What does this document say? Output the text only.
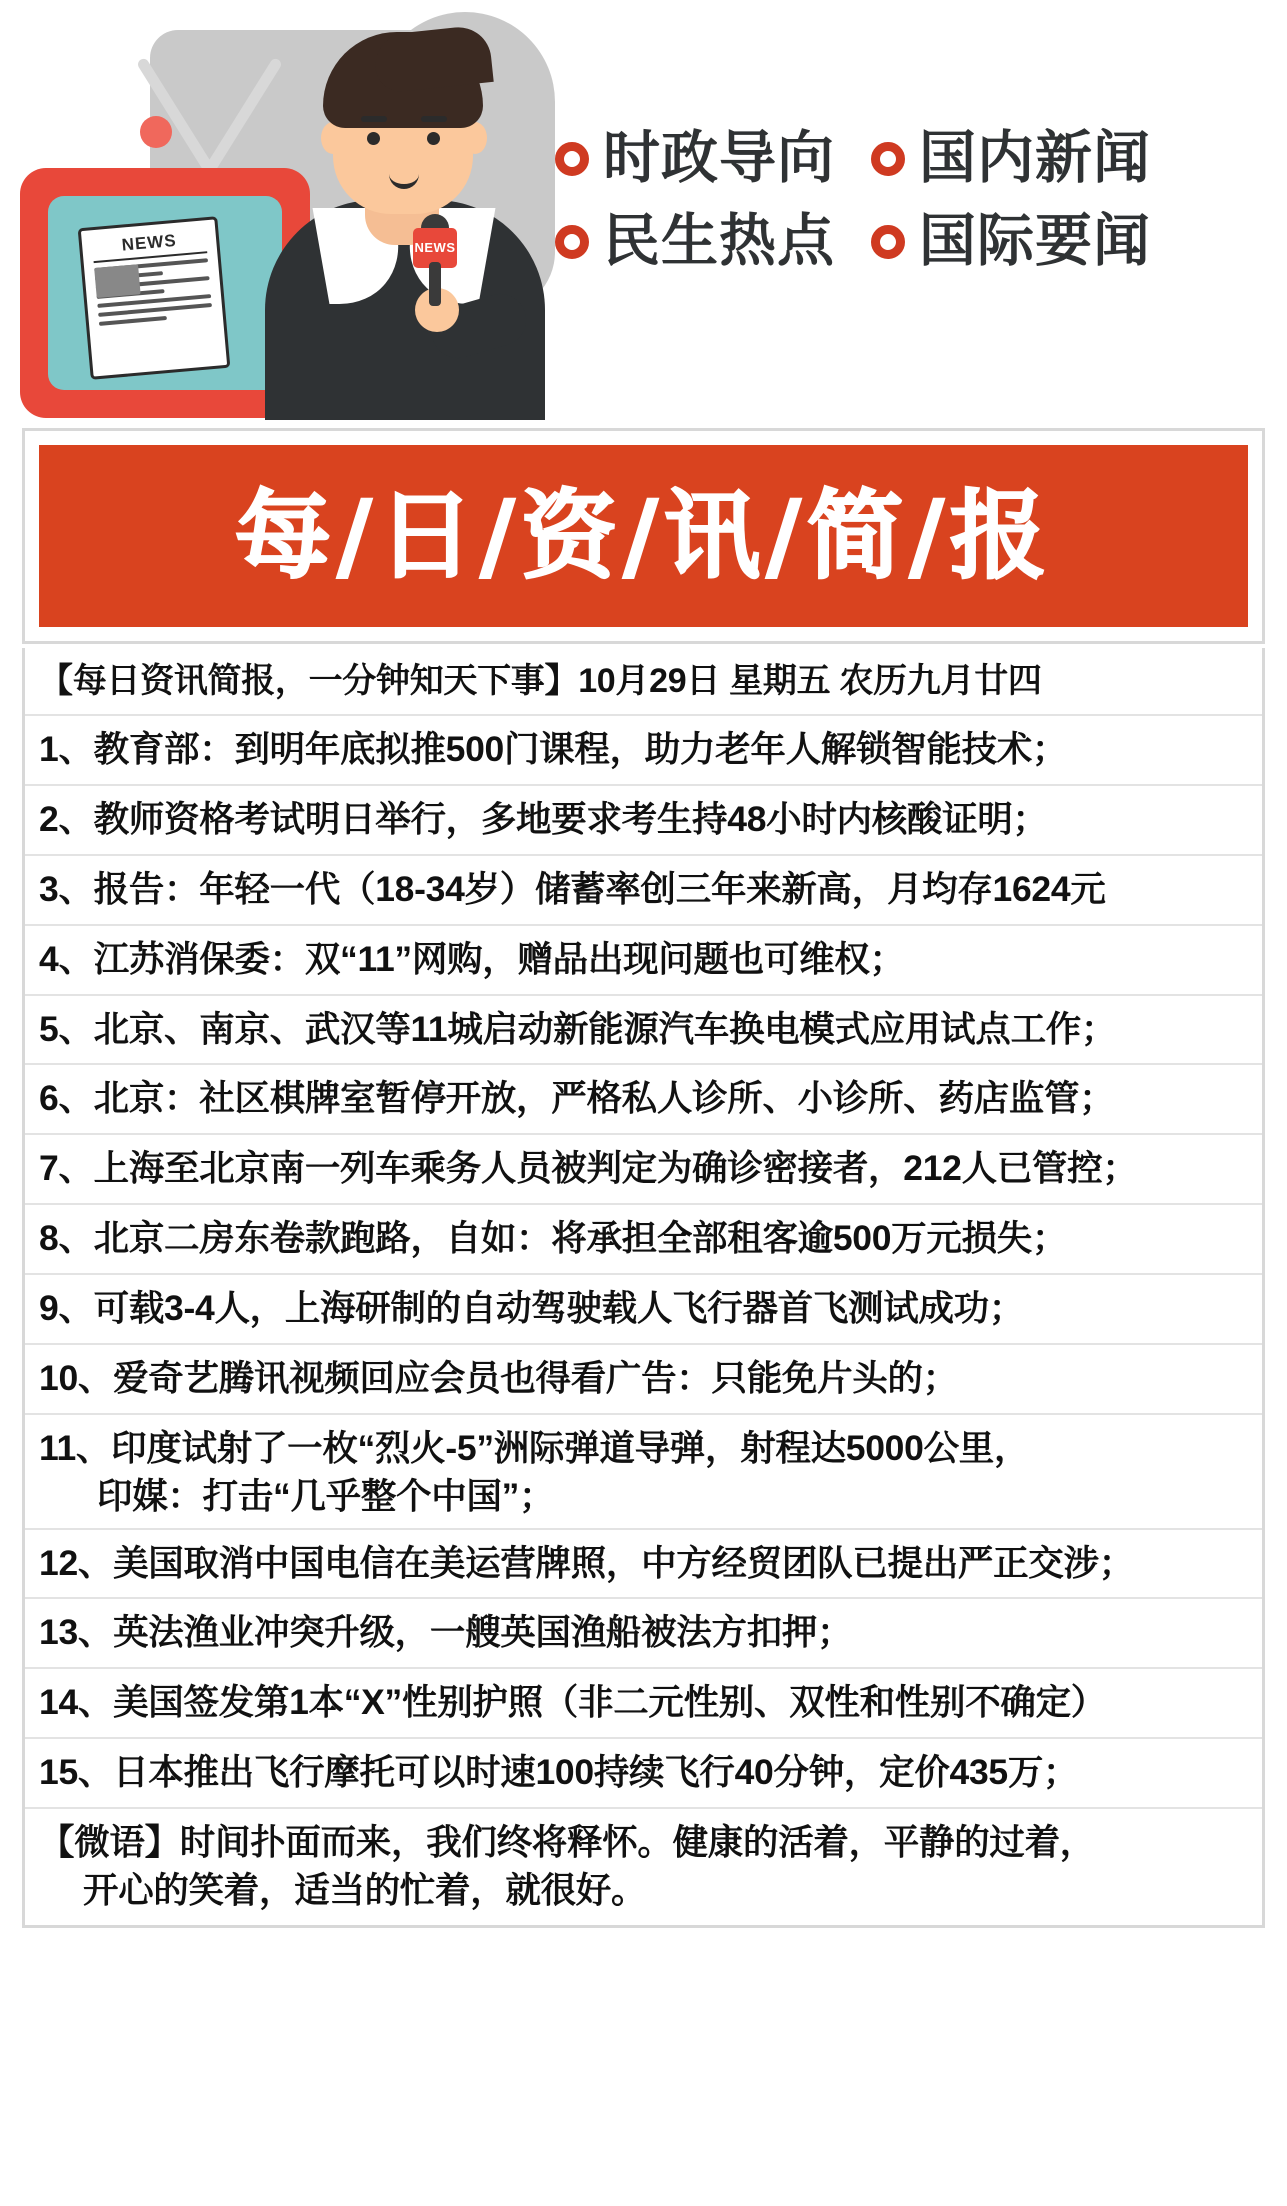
NEWS	NEWS
时政导向 国内新闻
民生热点 国际要闻
每/日/资/讯/简/报
【每日资讯简报，一分钟知天下事】10月29日 星期五 农历九月廿四
1、教育部：到明年底拟推500门课程，助力老年人解锁智能技术；
2、教师资格考试明日举行，多地要求考生持48小时内核酸证明；
3、报告：年轻一代（18-34岁）储蓄率创三年来新高，月均存1624元
4、江苏消保委：双“11”网购，赠品出现问题也可维权；
5、北京、南京、武汉等11城启动新能源汽车换电模式应用试点工作；
6、北京：社区棋牌室暂停开放，严格私人诊所、小诊所、药店监管；
7、上海至北京南一列车乘务人员被判定为确诊密接者，212人已管控；
8、北京二房东卷款跑路，自如：将承担全部租客逾500万元损失；
9、可载3-4人，上海研制的自动驾驶载人飞行器首飞测试成功；
10、爱奇艺腾讯视频回应会员也得看广告：只能免片头的；
11、印度试射了一枚“烈火-5”洲际弹道导弹，射程达5000公里，
印媒：打击“几乎整个中国”；
12、美国取消中国电信在美运营牌照，中方经贸团队已提出严正交涉；
13、英法渔业冲突升级，一艘英国渔船被法方扣押；
14、美国签发第1本“X”性别护照（非二元性别、双性和性别不确定）
15、日本推出飞行摩托可以时速100持续飞行40分钟，定价435万；
【微语】时间扑面而来，我们终将释怀。健康的活着，平静的过着，
开心的笑着，适当的忙着，就很好。
